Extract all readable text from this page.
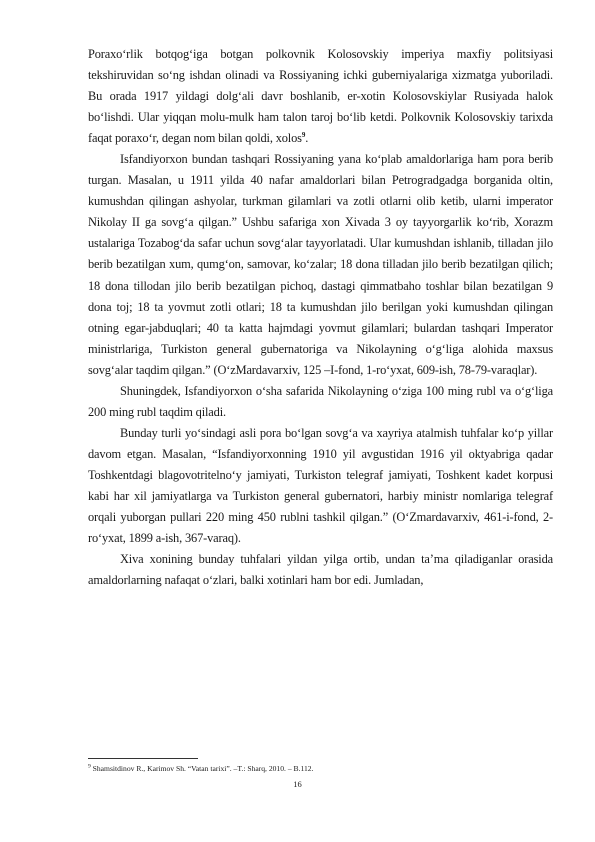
Poraxo‘rlik botqog‘iga botgan polkovnik Kolosovskiy imperiya maxfiy politsiyasi tekshiruvidan so‘ng ishdan olinadi va Rossiyaning ichki guberniyalariga xizmatga yuboriladi. Bu orada 1917 yildagi dolg‘ali davr boshlanib, er-xotin Kolosovskiylar Rusiyada halok bo‘lishdi. Ular yiqqan molu-mulk ham talon taroj bo‘lib ketdi. Polkovnik Kolosovskiy tarixda faqat poraxo‘r, degan nom bilan qoldi, xolos$^9$.

Isfandiyorxon bundan tashqari Rossiyaning yana ko‘plab amaldorlariga ham pora berib turgan. Masalan, u 1911 yilda 40 nafar amaldorlari bilan Petrogradgadga borganida oltin, kumushdan qilingan ashyolar, turkman gilamlari va zotli otlarni olib ketib, ularni imperator Nikolay II ga sovg‘a qilgan.” Ushbu safariga xon Xivada 3 oy tayyorgarlik ko‘rib, Xorazm ustalariga Tozabog‘da safar uchun sovg‘alar tayyorlatadi. Ular kumushdan ishlanib, tilladan jilo berib bezatilgan xum, qumg‘on, samovar, ko‘zalar; 18 dona tilladan jilo berib bezatilgan qilich; 18 dona tillodan jilo berib bezatilgan pichoq, dastagi qimmatbaho toshlar bilan bezatilgan 9 dona toj; 18 ta yovmut zotli otlari; 18 ta kumushdan jilo berilgan yoki kumushdan qilingan otning egar-jabduqlari; 40 ta katta hajmdagi yovmut gilamlari; bulardan tashqari Imperator ministrlariga, Turkiston general gubernatoriga va Nikolayning o‘g‘liga alohida maxsus sovg‘alar taqdim qilgan.” (O‘zMardavarxiv, 125 –I-fond, 1-ro‘yxat, 609-ish, 78-79-varaqlar).

Shuningdek, Isfandiyorxon o‘sha safarida Nikolayning o‘ziga 100 ming rubl va o‘g‘liga 200 ming rubl taqdim qiladi.

Bunday turli yo‘sindagi asli pora bo‘lgan sovg‘a va xayriya atalmish tuhfalar ko‘p yillar davom etgan. Masalan, “Isfandiyorxonning 1910 yil avgustidan 1916 yil oktyabriga qadar Toshkentdagi blagovotritelno‘y jamiyati, Turkiston telegraf jamiyati, Toshkent kadet korpusi kabi har xil jamiyatlarga va Turkiston general gubernatori, harbiy ministr nomlariga telegraf orqali yuborgan pullari 220 ming 450 rublni tashkil qilgan.” (O‘Zmardavarxiv, 461-i-fond, 2-ro‘yxat, 1899 a-ish, 367-varaq).

Xiva xonining bunday tuhfalari yildan yilga ortib, undan ta’ma qiladiganlar orasida amaldorlarning nafaqat o‘zlari, balki xotinlari ham bor edi. Jumladan,

$^9$ Shamsitdinov R., Karimov Sh. “Vatan tarixi”. –T.: Sharq, 2010. – B.112.
16
